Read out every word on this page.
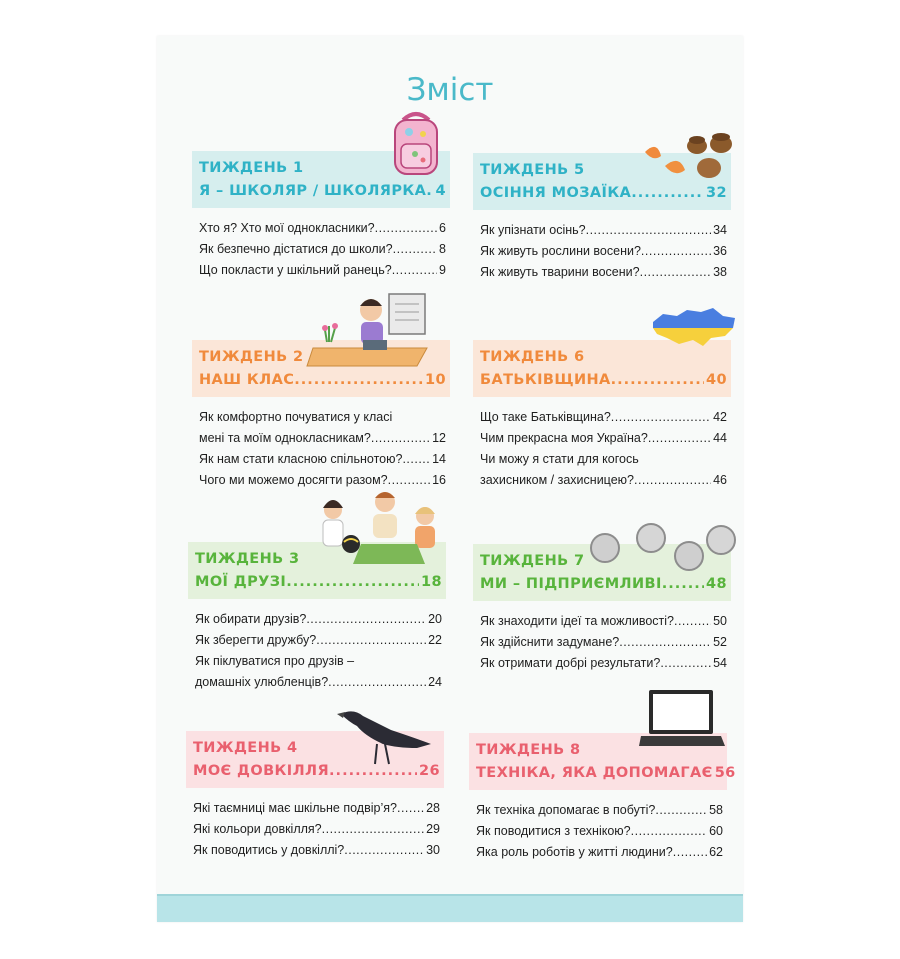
Зміст
ТИЖДЕНЬ 1
Я – ШКОЛЯР / ШКОЛЯРКА ..... 4
Хто я? Хто мої однокласники? .....	6
Як безпечно дістатися до школи? .....	8
Що покласти у шкільний ранець? .....	9
ТИЖДЕНЬ 2
НАШ КЛАС .....	10
Як комфортно почуватися у класі
мені та моїм однокласникам? .....	12
Як нам стати класною спільнотою? ..... 14
Чого ми можемо досягти разом? .....	16
ТИЖДЕНЬ 3
МОЇ ДРУЗІ .....	18
Як обирати друзів? .....	20
Як зберегти дружбу? .....	22
Як піклуватися про друзів –
домашніх улюбленців? .....	24
ТИЖДЕНЬ 4
МОЄ ДОВКІЛЛЯ .....	26
Які таємниці має шкільне подвір’я? ..... 28
Які кольори довкілля? .....	29
Як поводитись у довкіллі? .....	30
ТИЖДЕНЬ 5
ОСІННЯ МОЗАЇКА .....	32
Як упізнати осінь? .....	34
Як живуть рослини восени? .....	36
Як живуть тварини восени? .....	38
ТИЖДЕНЬ 6
БАТЬКІВЩИНА .....	40
Що таке Батьківщина? .....	42
Чим прекрасна моя Україна? .....	44
Чи можу я стати для когось
захисником / захисницею? .....	46
ТИЖДЕНЬ 7
МИ – ПІДПРИЄМЛИВІ .....	48
Як знаходити ідеї та можливості? .....	50
Як здійснити задумане? .....	52
Як отримати добрі результати? .....	54
ТИЖДЕНЬ 8
ТЕХНІКА, ЯКА ДОПОМАГАЄ 56
Як техніка допомагає в побуті? .....	58
Як поводитися з технікою? .....	60
Яка роль роботів у житті людини? .....	62
